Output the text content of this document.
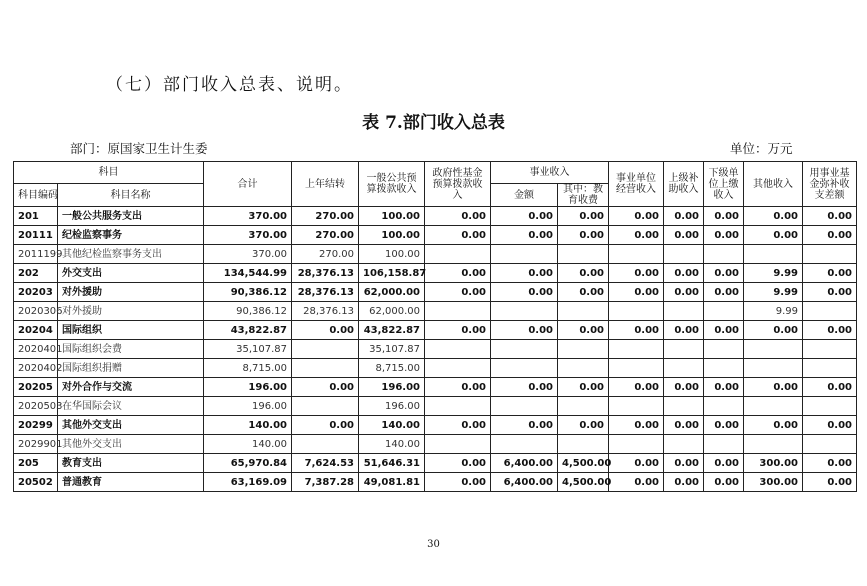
（七）部门收入总表、说明。
表 7.部门收入总表
部门：原国家卫生计生委	单位：万元
科目		合计	上年结转	一般公共预算拨款收入	政府性基金预算拨款收入	事业收入		事业单位经营收入	上级补助收入	下级单位上缴收入	其他收入	用事业基金弥补收支差额
科目编码	科目名称					金额	其中：教育收费					
201	一般公共服务支出	370.00	270.00	100.00	0.00	0.00	0.00	0.00	0.00	0.00	0.00	0.00
20111	纪检监察事务	370.00	270.00	100.00	0.00	0.00	0.00	0.00	0.00	0.00	0.00	0.00
2011199	其他纪检监察事务支出	370.00	270.00	100.00								
202	外交支出	134,544.99	28,376.13	106,158.87	0.00	0.00	0.00	0.00	0.00	0.00	9.99	0.00
20203	对外援助	90,386.12	28,376.13	62,000.00	0.00	0.00	0.00	0.00	0.00	0.00	9.99	0.00
2020306	对外援助	90,386.12	28,376.13	62,000.00							9.99	
20204	国际组织	43,822.87	0.00	43,822.87	0.00	0.00	0.00	0.00	0.00	0.00	0.00	0.00
2020401	国际组织会费	35,107.87		35,107.87								
2020402	国际组织捐赠	8,715.00		8,715.00								
20205	对外合作与交流	196.00	0.00	196.00	0.00	0.00	0.00	0.00	0.00	0.00	0.00	0.00
2020503	在华国际会议	196.00		196.00								
20299	其他外交支出	140.00	0.00	140.00	0.00	0.00	0.00	0.00	0.00	0.00	0.00	0.00
2029901	其他外交支出	140.00		140.00								
205	教育支出	65,970.84	7,624.53	51,646.31	0.00	6,400.00	4,500.00	0.00	0.00	0.00	300.00	0.00
20502	普通教育	63,169.09	7,387.28	49,081.81	0.00	6,400.00	4,500.00	0.00	0.00	0.00	300.00	0.00
30
